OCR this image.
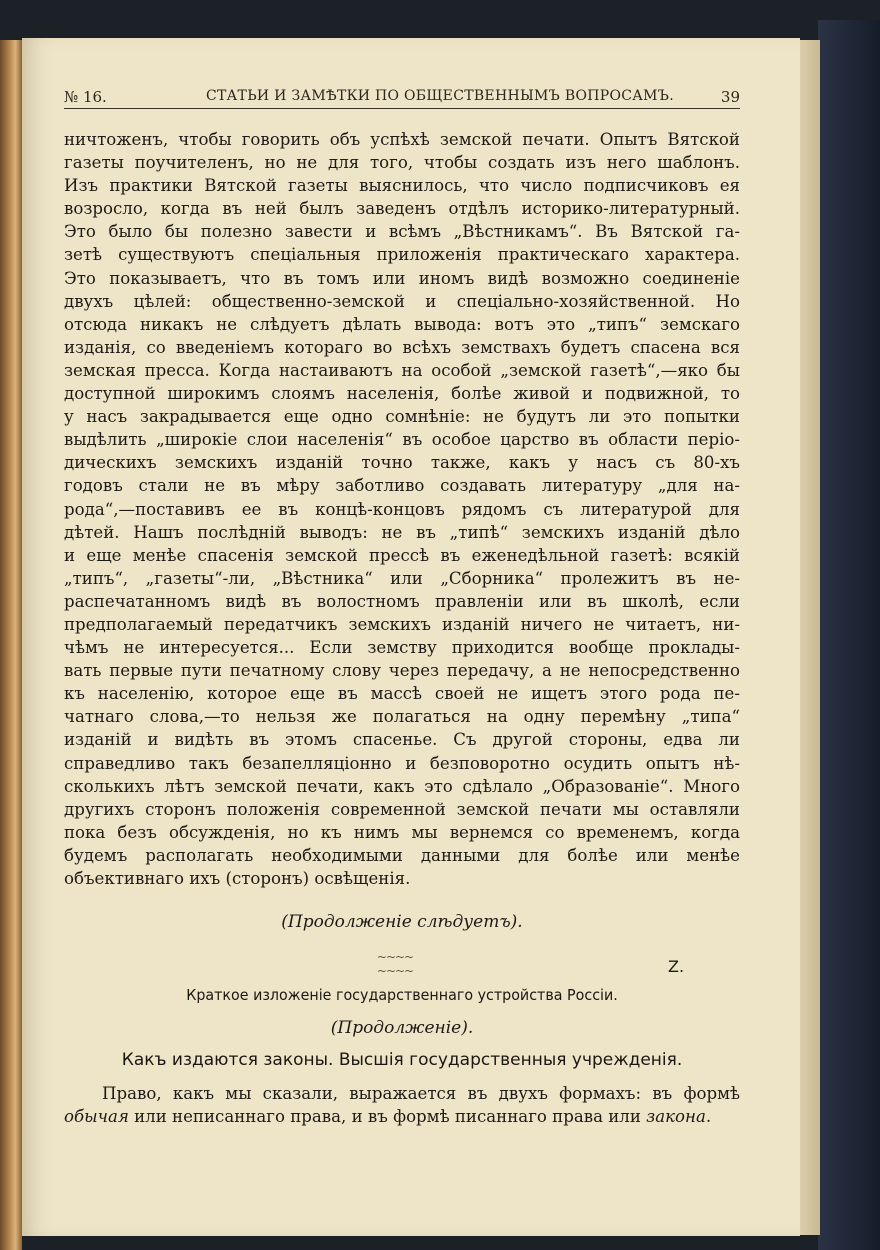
№ 16.	СТАТЬИ И ЗАМѢТКИ ПО ОБЩЕСТВЕННЫМЪ ВОПРОСАМЪ.	39
ничтоженъ, чтобы говорить объ успѣхѣ земской печати. Опытъ Вятской
газеты поучителенъ, но не для того, чтобы создать изъ него шаблонъ.
Изъ практики Вятской газеты выяснилось, что число подписчиковъ ея
возросло, когда въ ней былъ заведенъ отдѣлъ историко-литературный.
Это было бы полезно завести и всѣмъ „Вѣстникамъ“. Въ Вятской га-
зетѣ существуютъ спеціальныя приложенія практическаго характера.
Это показываетъ, что въ томъ или иномъ видѣ возможно соединеніе
двухъ цѣлей: общественно-земской и спеціально-хозяйственной. Но
отсюда никакъ не слѣдуетъ дѣлать вывода: вотъ это „типъ“ земскаго
изданія, со введеніемъ котораго во всѣхъ земствахъ будетъ спасена вся
земская пресса. Когда настаиваютъ на особой „земской газетѣ“,—яко бы
доступной широкимъ слоямъ населенія, болѣе живой и подвижной, то
у насъ закрадывается еще одно сомнѣніе: не будутъ ли это попытки
выдѣлить „широкіе слои населенія“ въ особое царство въ области періо-
дическихъ земскихъ изданій точно также, какъ у насъ съ 80-хъ
годовъ стали не въ мѣру заботливо создавать литературу „для на-
рода“,—поставивъ ее въ концѣ-концовъ рядомъ съ литературой для
дѣтей. Нашъ послѣдній выводъ: не въ „типѣ“ земскихъ изданій дѣло
и еще менѣе спасенія земской прессѣ въ еженедѣльной газетѣ: всякій
„типъ“, „газеты“-ли, „Вѣстника“ или „Сборника“ пролежитъ въ не-
распечатанномъ видѣ въ волостномъ правленіи или въ школѣ, если
предполагаемый передатчикъ земскихъ изданій ничего не читаетъ, ни-
чѣмъ не интересуется... Если земству приходится вообще проклады-
вать первые пути печатному слову через передачу, а не непосредственно
къ населенію, которое еще въ массѣ своей не ищетъ этого рода пе-
чатнаго слова,—то нельзя же полагаться на одну перемѣну „типа“
изданій и видѣть въ этомъ спасенье. Съ другой стороны, едва ли
справедливо такъ безапелляціонно и безповоротно осудить опытъ нѣ-
сколькихъ лѣтъ земской печати, какъ это сдѣлало „Образованіе“. Много
другихъ сторонъ положенія современной земской печати мы оставляли
пока безъ обсужденія, но къ нимъ мы вернемся со временемъ, когда
будемъ располагать необходимыми данными для болѣе или менѣе
объективнаго ихъ (сторонъ) освѣщенія.
(Продолженіе слѣдуетъ).
~~~~ ~~~~	Z.
Краткое изложеніе государственнаго устройства Россіи.
(Продолженіе).
Какъ издаются законы. Высшія государственныя учрежденія.
Право, какъ мы сказали, выражается въ двухъ формахъ: въ формѣ
обычая или неписаннаго права, и въ формѣ писаннаго права или закона.
